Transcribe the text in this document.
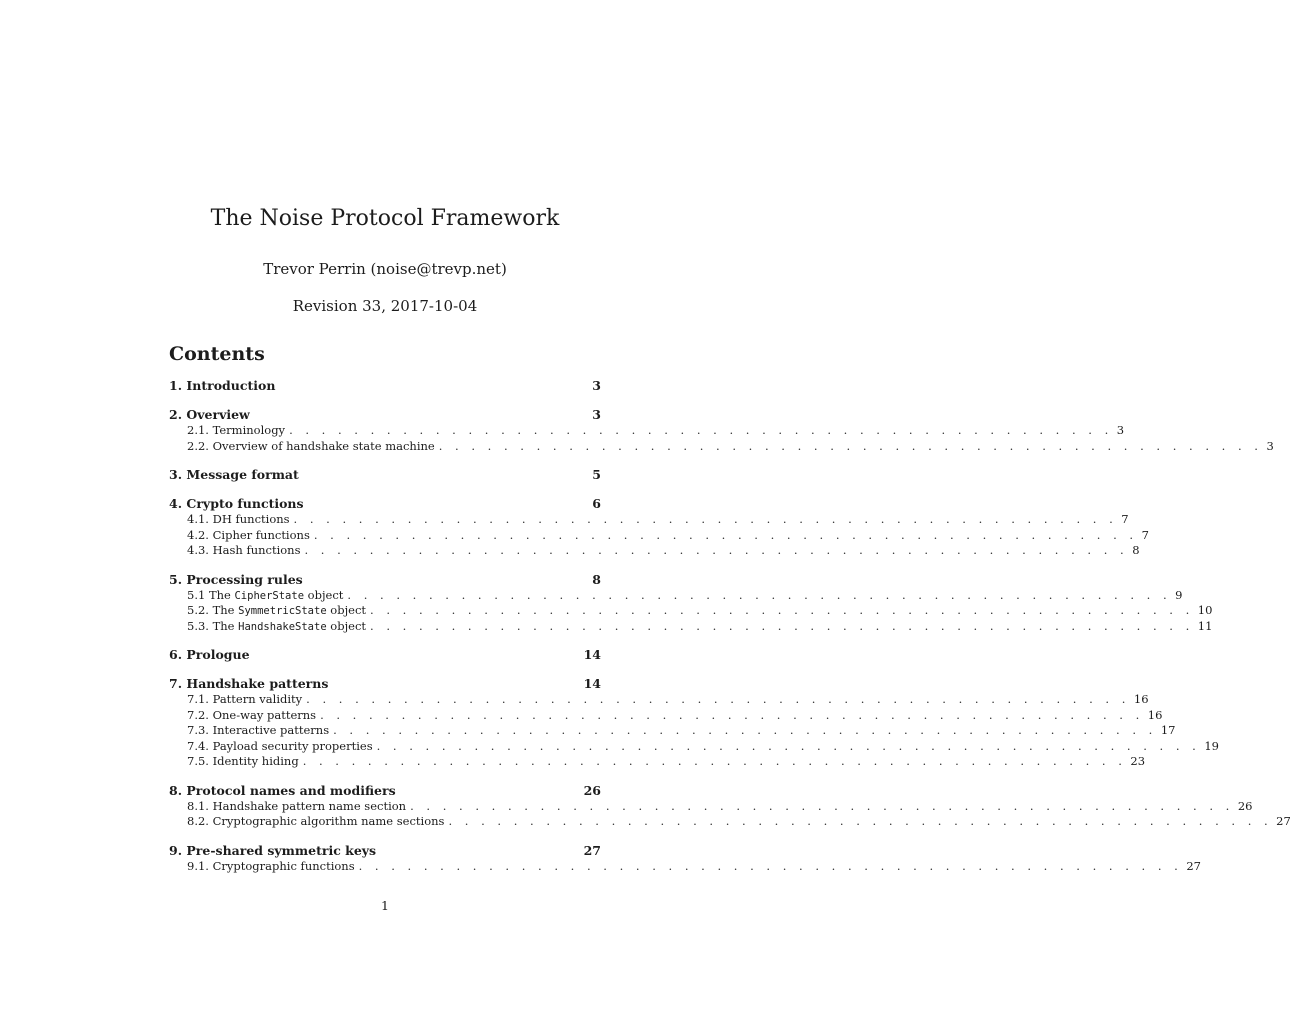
The Noise Protocol Framework
Trevor Perrin (noise@trevp.net)
Revision 33, 2017-10-04
Contents
1. Introduction	3
2. Overview	3
2.1. Terminology . . . . . . . . . . . . . . . . . . . . . . . . . . . . . . . . . . . . . . . . . . . . . . . . . . . 3
2.2. Overview of handshake state machine . . . . . . . . . . . . . . . . . . . . . . . . . . . . . . . . . . . . . . . . . . . . . . . . . . . 3
3. Message format	5
4. Crypto functions	6
4.1. DH functions . . . . . . . . . . . . . . . . . . . . . . . . . . . . . . . . . . . . . . . . . . . . . . . . . . . 7
4.2. Cipher functions . . . . . . . . . . . . . . . . . . . . . . . . . . . . . . . . . . . . . . . . . . . . . . . . . . . 7
4.3. Hash functions . . . . . . . . . . . . . . . . . . . . . . . . . . . . . . . . . . . . . . . . . . . . . . . . . . . 8
5. Processing rules	8
5.1 The CipherState object . . . . . . . . . . . . . . . . . . . . . . . . . . . . . . . . . . . . . . . . . . . . . . . . . . . 9
5.2. The SymmetricState object . . . . . . . . . . . . . . . . . . . . . . . . . . . . . . . . . . . . . . . . . . . . . . . . . . . 10
5.3. The HandshakeState object . . . . . . . . . . . . . . . . . . . . . . . . . . . . . . . . . . . . . . . . . . . . . . . . . . . 11
6. Prologue	14
7. Handshake patterns	14
7.1. Pattern validity . . . . . . . . . . . . . . . . . . . . . . . . . . . . . . . . . . . . . . . . . . . . . . . . . . . 16
7.2. One-way patterns . . . . . . . . . . . . . . . . . . . . . . . . . . . . . . . . . . . . . . . . . . . . . . . . . . . 16
7.3. Interactive patterns . . . . . . . . . . . . . . . . . . . . . . . . . . . . . . . . . . . . . . . . . . . . . . . . . . . 17
7.4. Payload security properties . . . . . . . . . . . . . . . . . . . . . . . . . . . . . . . . . . . . . . . . . . . . . . . . . . . 19
7.5. Identity hiding . . . . . . . . . . . . . . . . . . . . . . . . . . . . . . . . . . . . . . . . . . . . . . . . . . . 23
8. Protocol names and modifiers	26
8.1. Handshake pattern name section . . . . . . . . . . . . . . . . . . . . . . . . . . . . . . . . . . . . . . . . . . . . . . . . . . . 26
8.2. Cryptographic algorithm name sections . . . . . . . . . . . . . . . . . . . . . . . . . . . . . . . . . . . . . . . . . . . . . . . . . . . 27
9. Pre-shared symmetric keys	27
9.1. Cryptographic functions . . . . . . . . . . . . . . . . . . . . . . . . . . . . . . . . . . . . . . . . . . . . . . . . . . . 27
1
